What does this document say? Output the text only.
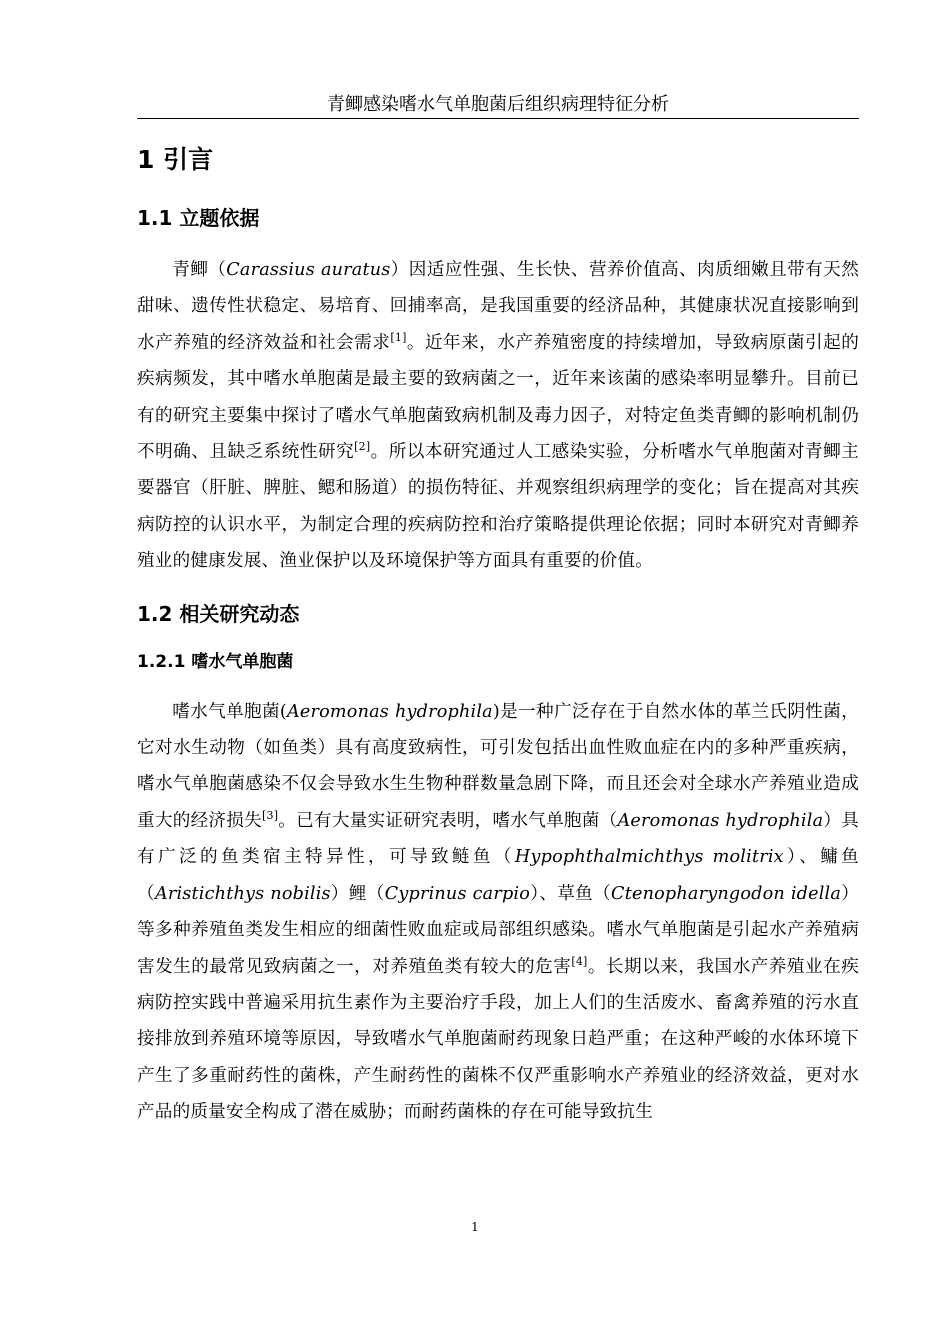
青鲫感染嗜水气单胞菌后组织病理特征分析
1 引言
1.1 立题依据

青鲫（Carassius auratus）因适应性强、生长快、营养价值高、肉质细嫩且带有天然甜味、遗传性状稳定、易培育、回捕率高，是我国重要的经济品种，其健康状况直接影响到水产养殖的经济效益和社会需求[1]。近年来，水产养殖密度的持续增加，导致病原菌引起的疾病频发，其中嗜水单胞菌是最主要的致病菌之一，近年来该菌的感染率明显攀升。目前已有的研究主要集中探讨了嗜水气单胞菌致病机制及毒力因子，对特定鱼类青鲫的影响机制仍不明确、且缺乏系统性研究[2]。所以本研究通过人工感染实验，分析嗜水气单胞菌对青鲫主要器官（肝脏、脾脏、鳃和肠道）的损伤特征、并观察组织病理学的变化；旨在提高对其疾病防控的认识水平，为制定合理的疾病防控和治疗策略提供理论依据；同时本研究对青鲫养殖业的健康发展、渔业保护以及环境保护等方面具有重要的价值。

1.2 相关研究动态
1.2.1 嗜水气单胞菌

嗜水气单胞菌(Aeromonas hydrophila)是一种广泛存在于自然水体的革兰氏阴性菌，它对水生动物（如鱼类）具有高度致病性，可引发包括出血性败血症在内的多种严重疾病，嗜水气单胞菌感染不仅会导致水生生物种群数量急剧下降，而且还会对全球水产养殖业造成重大的经济损失[3]。已有大量实证研究表明，嗜水气单胞菌（Aeromonas hydrophila）具有广泛的鱼类宿主特异性，可导致鲢鱼（Hypophthalmichthys molitrix）、鳙鱼（Aristichthys nobilis）鲤（Cyprinus carpio）、草鱼（Ctenopharyngodon idella）等多种养殖鱼类发生相应的细菌性败血症或局部组织感染。嗜水气单胞菌是引起水产养殖病害发生的最常见致病菌之一，对养殖鱼类有较大的危害[4]。长期以来，我国水产养殖业在疾病防控实践中普遍采用抗生素作为主要治疗手段，加上人们的生活废水、畜禽养殖的污水直接排放到养殖环境等原因，导致嗜水气单胞菌耐药现象日趋严重；在这种严峻的水体环境下产生了多重耐药性的菌株，产生耐药性的菌株不仅严重影响水产养殖业的经济效益，更对水产品的质量安全构成了潜在威胁；而耐药菌株的存在可能导致抗生

1
